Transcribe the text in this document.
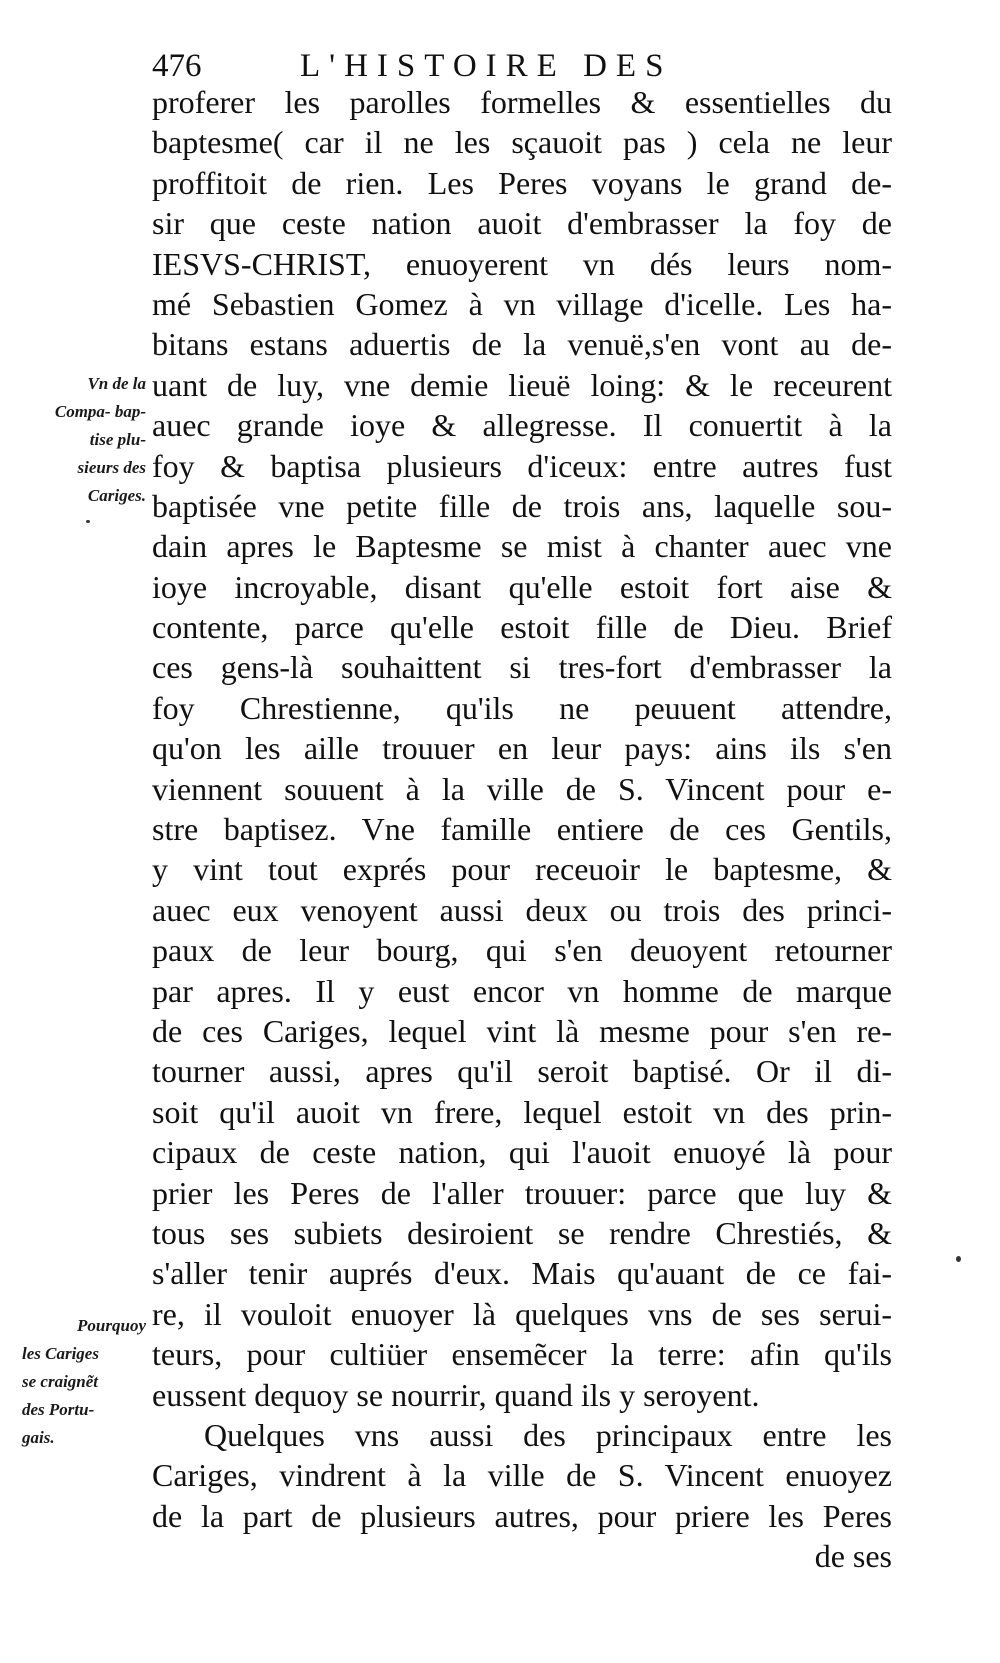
476	L'HISTOIRE DES
Vn de la
Compa- bap-
tise plu-
sieurs des
Cariges.
Pourquoy
les Cariges
se craignẽt
des Portu-
gais.
proferer les parolles formelles & essentielles du
baptesme( car il ne les sçauoit pas ) cela ne leur
proffitoit de rien. Les Peres voyans le grand de-
sir que ceste nation auoit d'embrasser la foy de
IESVS-CHRIST, enuoyerent vn dés leurs nom-
mé Sebastien Gomez à vn village d'icelle. Les ha-
bitans estans aduertis de la venuë,s'en vont au de-
uant de luy, vne demie lieuë loing: & le receurent
auec grande ioye & allegresse. Il conuertit à la
foy & baptisa plusieurs d'iceux: entre autres fust
baptisée vne petite fille de trois ans, laquelle sou-
dain apres le Baptesme se mist à chanter auec vne
ioye incroyable, disant qu'elle estoit fort aise &
contente, parce qu'elle estoit fille de Dieu. Brief
ces gens-là souhaittent si tres-fort d'embrasser la
foy Chrestienne, qu'ils ne peuuent attendre,
qu'on les aille trouuer en leur pays: ains ils s'en
viennent souuent à la ville de S. Vincent pour e-
stre baptisez. Vne famille entiere de ces Gentils,
y vint tout exprés pour receuoir le baptesme, &
auec eux venoyent aussi deux ou trois des princi-
paux de leur bourg, qui s'en deuoyent retourner
par apres. Il y eust encor vn homme de marque
de ces Cariges, lequel vint là mesme pour s'en re-
tourner aussi, apres qu'il seroit baptisé. Or il di-
soit qu'il auoit vn frere, lequel estoit vn des prin-
cipaux de ceste nation, qui l'auoit enuoyé là pour
prier les Peres de l'aller trouuer: parce que luy &
tous ses subiets desiroient se rendre Chrestiés, &
s'aller tenir auprés d'eux. Mais qu'auant de ce fai-
re, il vouloit enuoyer là quelques vns de ses serui-
teurs, pour cultiüer ensemẽcer la terre: afin qu'ils
eussent dequoy se nourrir, quand ils y seroyent.
Quelques vns aussi des principaux entre les
Cariges, vindrent à la ville de S. Vincent enuoyez
de la part de plusieurs autres, pour priere les Peres
de ses
